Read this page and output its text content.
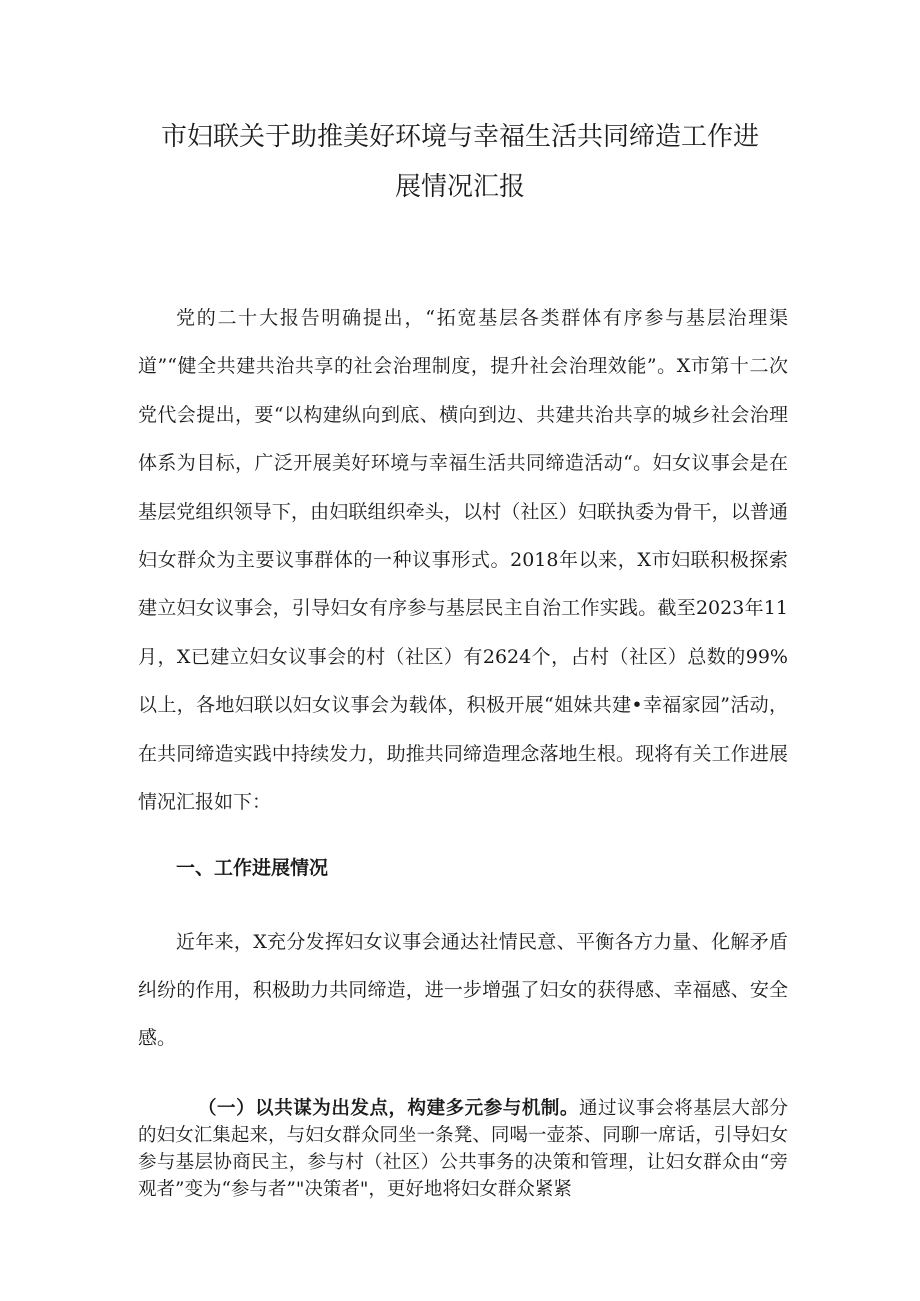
市妇联关于助推美好环境与幸福生活共同缔造工作进
展情况汇报
党的二十大报告明确提出，“拓宽基层各类群体有序参与基层治理渠道”“健全共建共治共享的社会治理制度，提升社会治理效能”。X市第十二次党代会提出，要“以构建纵向到底、横向到边、共建共治共享的城乡社会治理体系为目标，广泛开展美好环境与幸福生活共同缔造活动“。妇女议事会是在基层党组织领导下，由妇联组织牵头，以村（社区）妇联执委为骨干，以普通妇女群众为主要议事群体的一种议事形式。2018年以来，X市妇联积极探索建立妇女议事会，引导妇女有序参与基层民主自治工作实践。截至2023年11月，X已建立妇女议事会的村（社区）有2624个，占村（社区）总数的99%以上，各地妇联以妇女议事会为载体，积极开展“姐妹共建•幸福家园”活动，在共同缔造实践中持续发力，助推共同缔造理念落地生根。现将有关工作进展情况汇报如下：
一、工作进展情况
近年来，X充分发挥妇女议事会通达社情民意、平衡各方力量、化解矛盾纠纷的作用，积极助力共同缔造，进一步增强了妇女的获得感、幸福感、安全感。
（一）以共谋为出发点，构建多元参与机制。通过议事会将基层大部分的妇女汇集起来，与妇女群众同坐一条凳、同喝一壶茶、同聊一席话，引导妇女参与基层协商民主，参与村（社区）公共事务的决策和管理，让妇女群众由“旁观者”变为“参与者”"决策者"，更好地将妇女群众紧紧
